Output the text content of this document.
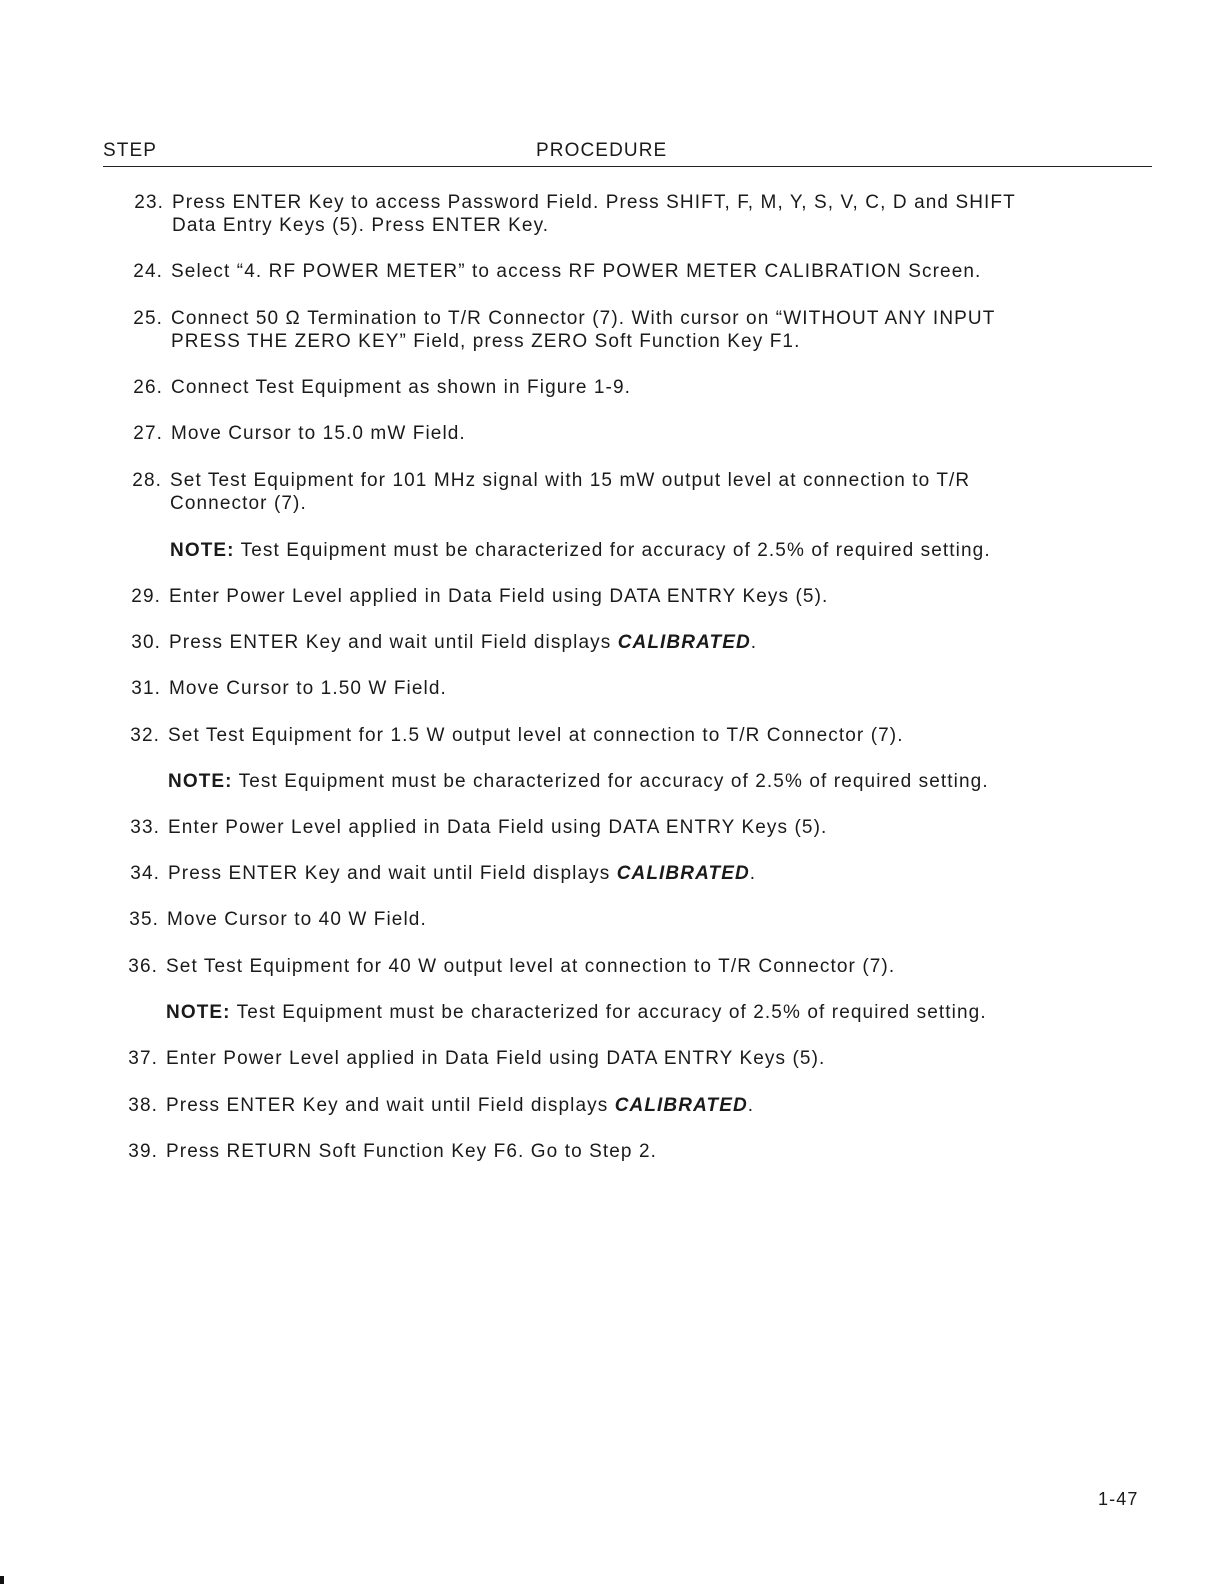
STEP	PROCEDURE
23. Press ENTER Key to access Password Field. Press SHIFT, F, M, Y, S, V, C, D and SHIFT
Data Entry Keys (5). Press ENTER Key.
24. Select “4. RF POWER METER” to access RF POWER METER CALIBRATION Screen.
25. Connect 50 Ω Termination to T/R Connector (7). With cursor on “WITHOUT ANY INPUT
PRESS THE ZERO KEY” Field, press ZERO Soft Function Key F1.
26. Connect Test Equipment as shown in Figure 1-9.
27. Move Cursor to 15.0 mW Field.
28. Set Test Equipment for 101 MHz signal with 15 mW output level at connection to T/R
Connector (7).
NOTE: Test Equipment must be characterized for accuracy of 2.5% of required setting.
29. Enter Power Level applied in Data Field using DATA ENTRY Keys (5).
30. Press ENTER Key and wait until Field displays CALIBRATED.
31. Move Cursor to 1.50 W Field.
32. Set Test Equipment for 1.5 W output level at connection to T/R Connector (7).
NOTE: Test Equipment must be characterized for accuracy of 2.5% of required setting.
33. Enter Power Level applied in Data Field using DATA ENTRY Keys (5).
34. Press ENTER Key and wait until Field displays CALIBRATED.
35. Move Cursor to 40 W Field.
36. Set Test Equipment for 40 W output level at connection to T/R Connector (7).
NOTE: Test Equipment must be characterized for accuracy of 2.5% of required setting.
37. Enter Power Level applied in Data Field using DATA ENTRY Keys (5).
38. Press ENTER Key and wait until Field displays CALIBRATED.
39. Press RETURN Soft Function Key F6. Go to Step 2.
1-47
